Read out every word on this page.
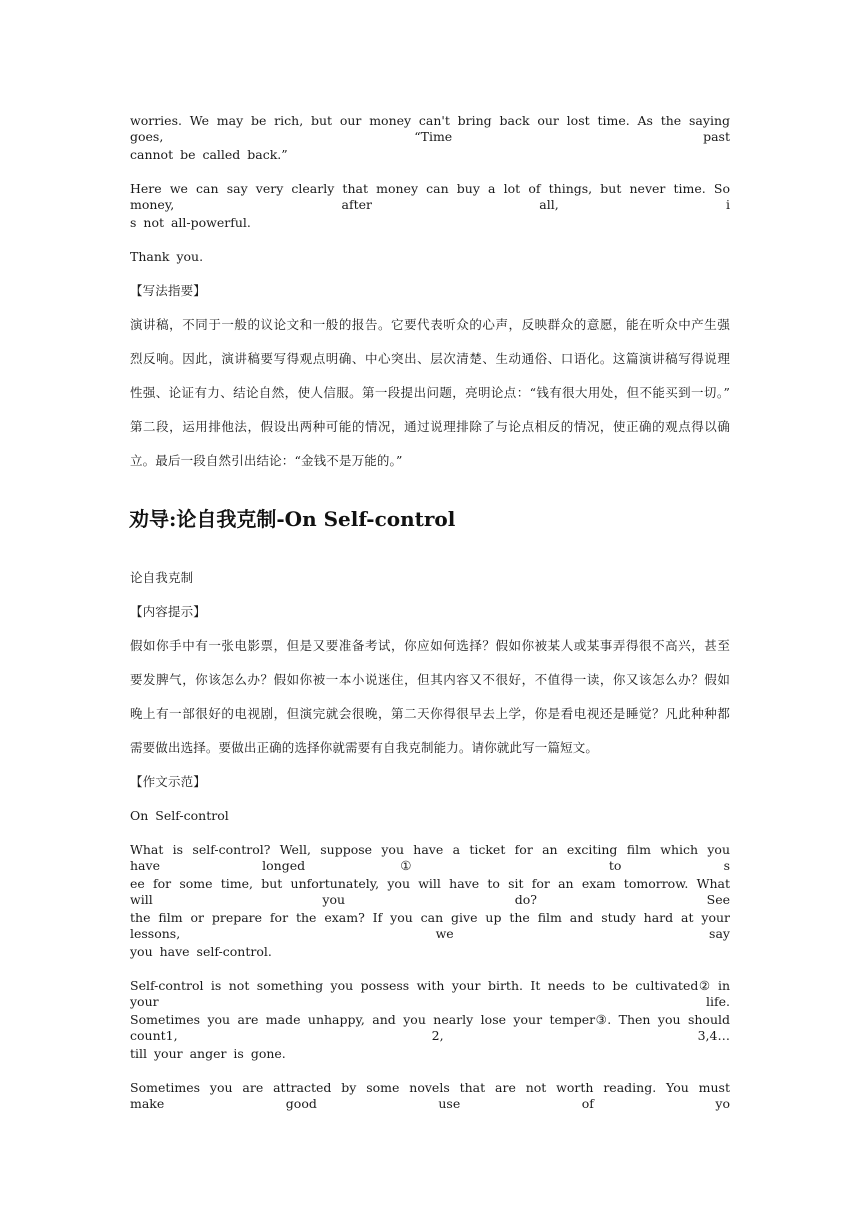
worries. We may be rich, but our money can't bring back our lost time. As the saying goes, “Time past
cannot be called back.”
Here we can say very clearly that money can buy a lot of things, but never time. So money, after all, i
s not all-powerful.
Thank you.
【写法指要】
演讲稿，不同于一般的议论文和一般的报告。它要代表听众的心声，反映群众的意愿，能在听众中产生强
烈反响。因此，演讲稿要写得观点明确、中心突出、层次清楚、生动通俗、口语化。这篇演讲稿写得说理
性强、论证有力、结论自然，使人信服。第一段提出问题，亮明论点：“钱有很大用处，但不能买到一切。”
第二段，运用排他法，假设出两种可能的情况，通过说理排除了与论点相反的情况，使正确的观点得以确
立。最后一段自然引出结论：“金钱不是万能的。”
劝导:论自我克制-On Self-control
论自我克制
【内容提示】
假如你手中有一张电影票，但是又要准备考试，你应如何选择？假如你被某人或某事弄得很不高兴，甚至
要发脾气，你该怎么办？假如你被一本小说迷住，但其内容又不很好，不值得一读，你又该怎么办？假如
晚上有一部很好的电视剧，但演完就会很晚，第二天你得很早去上学，你是看电视还是睡觉？凡此种种都
需要做出选择。要做出正确的选择你就需要有自我克制能力。请你就此写一篇短文。
【作文示范】
On Self-control
What is self-control? Well, suppose you have a ticket for an exciting film which you have longed① to s
ee for some time, but unfortunately, you will have to sit for an exam tomorrow. What will you do? See
the film or prepare for the exam? If you can give up the film and study hard at your lessons, we say
you have self-control.
Self-control is not something you possess with your birth. It needs to be cultivated② in your life.
Sometimes you are made unhappy, and you nearly lose your temper③. Then you should count1, 2, 3,4…
till your anger is gone.
Sometimes you are attracted by some novels that are not worth reading. You must make good use of yo
